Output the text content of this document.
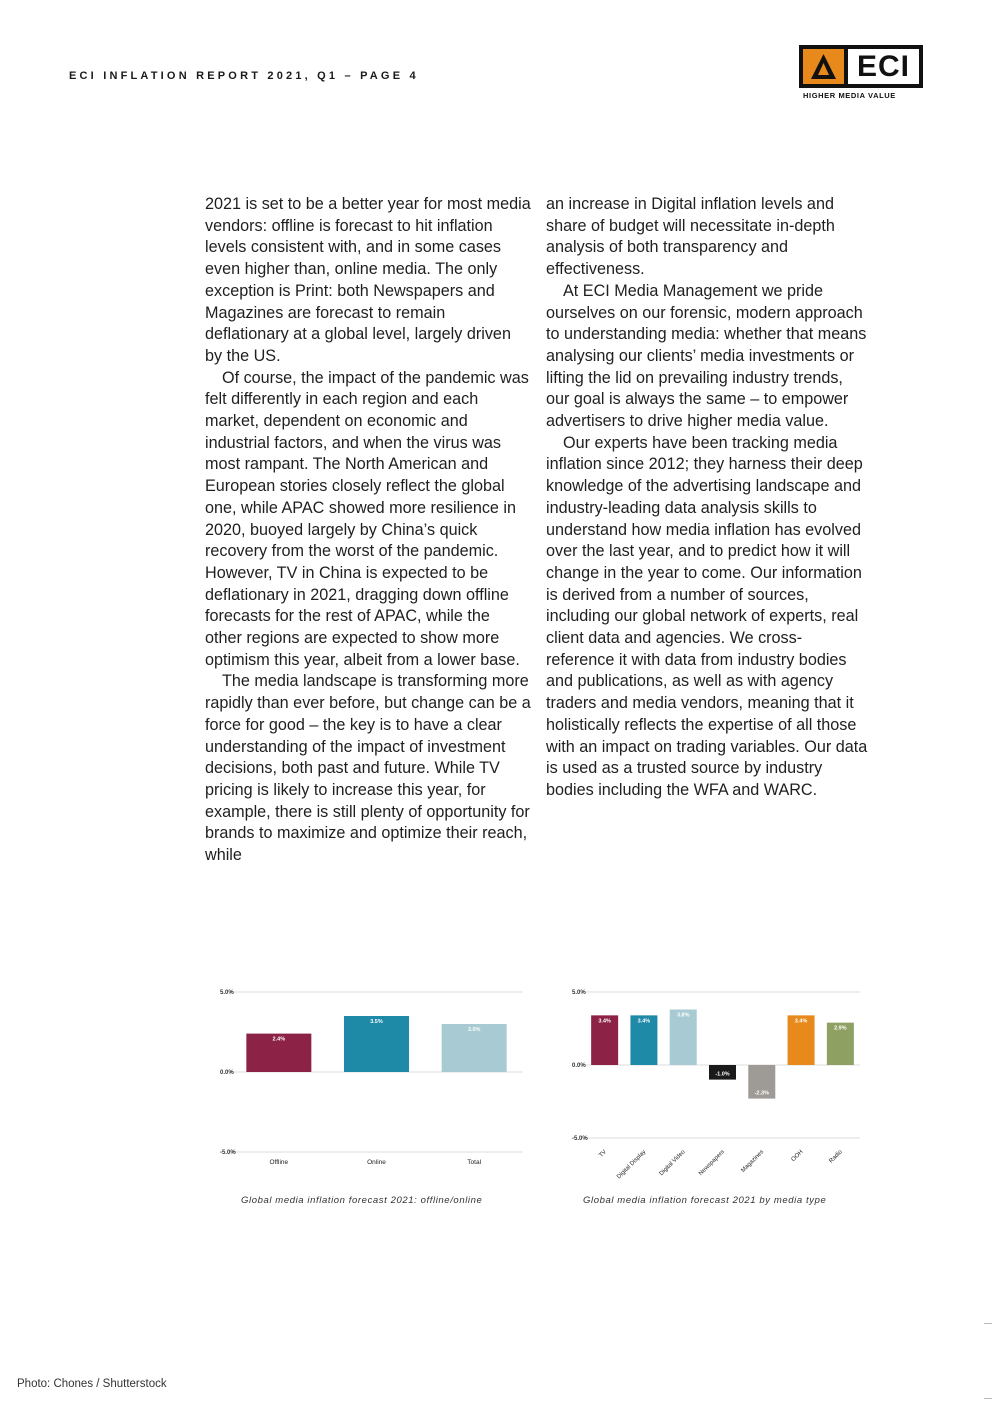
ECI INFLATION REPORT 2021, Q1 – PAGE 4	ECI
HIGHER MEDIA VALUE

2021 is set to be a better year for most media vendors: offline is forecast to hit inflation levels consistent with, and in some cases even higher than, online media. The only exception is Print: both Newspapers and Magazines are forecast to remain deflationary at a global level, largely driven by the US.

Of course, the impact of the pandemic was felt differently in each region and each market, dependent on economic and industrial factors, and when the virus was most rampant. The North American and European stories closely reflect the global one, while APAC showed more resilience in 2020, buoyed largely by China’s quick recovery from the worst of the pandemic. However, TV in China is expected to be deflationary in 2021, dragging down offline forecasts for the rest of APAC, while the other regions are expected to show more optimism this year, albeit from a lower base.

The media landscape is transforming more rapidly than ever before, but change can be a force for good – the key is to have a clear understanding of the impact of investment decisions, both past and future. While TV pricing is likely to increase this year, for example, there is still plenty of opportunity for brands to maximize and optimize their reach, while

an increase in Digital inflation levels and share of budget will necessitate in-depth analysis of both transparency and effectiveness.

At ECI Media Management we pride ourselves on our forensic, modern approach to understanding media: whether that means analysing our clients’ media investments or lifting the lid on prevailing industry trends, our goal is always the same – to empower advertisers to drive higher media value.

Our experts have been tracking media inflation since 2012; they harness their deep knowledge of the advertising landscape and industry-leading data analysis skills to understand how media inflation has evolved over the last year, and to predict how it will change in the year to come. Our information is derived from a number of sources, including our global network of experts, real client data and agencies. We cross-reference it with data from industry bodies and publications, as well as with agency traders and media vendors, meaning that it holistically reflects the expertise of all those with an impact on trading variables. Our data is used as a trusted source by industry bodies including the WFA and WARC.

5.0%
0.0%
-5.0%
2.4%
Offline
3.5%
Online
3.0%
Total
Global media inflation forecast 2021: offline/online
5.0%
0.0%
-5.0%
3.4%
TV
3.4%
Digital Display
3.8%
Digital Video
-1.0%
Newspapers
-2.3%
Magazines
3.4%
OOH
2.9%
Radio
Global media inflation forecast 2021 by media type
Photo: Chones / Shutterstock
